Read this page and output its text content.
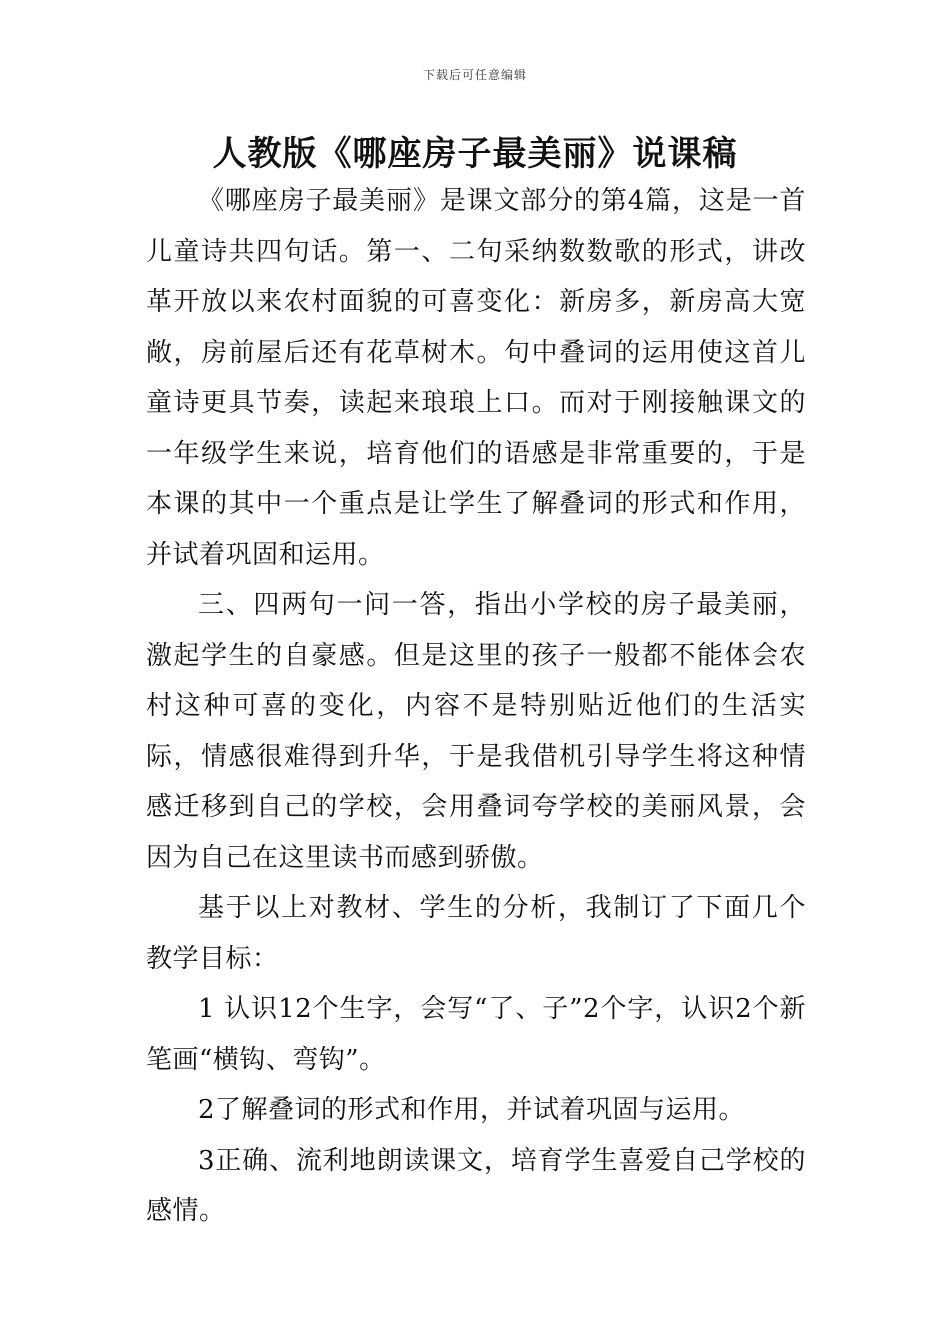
下载后可任意编辑
人教版《哪座房子最美丽》说课稿

《哪座房子最美丽》是课文部分的第4篇，这是一首儿童诗共四句话。第一、二句采纳数数歌的形式，讲改革开放以来农村面貌的可喜变化：新房多，新房高大宽敞，房前屋后还有花草树木。句中叠词的运用使这首儿童诗更具节奏，读起来琅琅上口。而对于刚接触课文的一年级学生来说，培育他们的语感是非常重要的，于是本课的其中一个重点是让学生了解叠词的形式和作用，并试着巩固和运用。

三、四两句一问一答，指出小学校的房子最美丽，激起学生的自豪感。但是这里的孩子一般都不能体会农村这种可喜的变化，内容不是特别贴近他们的生活实际，情感很难得到升华，于是我借机引导学生将这种情感迁移到自己的学校，会用叠词夸学校的美丽风景，会因为自己在这里读书而感到骄傲。

基于以上对教材、学生的分析，我制订了下面几个教学目标：

1 认识12个生字，会写“了、子”2个字，认识2个新笔画“横钩、弯钩”。

2了解叠词的形式和作用，并试着巩固与运用。

3正确、流利地朗读课文，培育学生喜爱自己学校的感情。
